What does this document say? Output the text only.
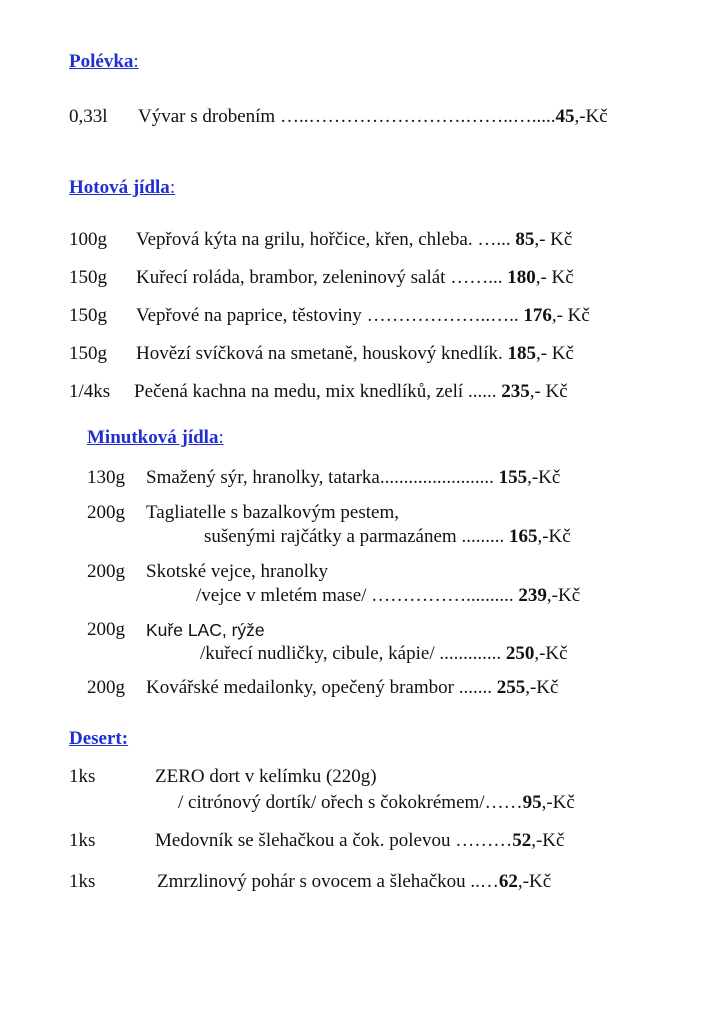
Polévka:
0,33l Vývar s drobením …..…………………….……..….....45,-Kč
Hotová jídla:
100g Vepřová kýta na grilu, hořčice, křen, chleba. …... 85,- Kč
150g Kuřecí roláda, brambor, zeleninový salát ……... 180,- Kč
150g Vepřové na paprice, těstoviny ………………..….. 176,- Kč
150g Hovězí svíčková na smetaně, houskový knedlík. 185,- Kč
1/4ks Pečená kachna na medu, mix knedlíků, zelí ...... 235,- Kč
Minutková jídla:
130g Smažený sýr, hranolky, tatarka........................ 155,-Kč
200g Tagliatelle s bazalkovým pestem,
sušenými rajčátky a parmazánem ......... 165,-Kč
200g Skotské vejce, hranolky
/vejce v mletém mase/ …………….......... 239,-Kč
200g Kuře LAC, rýže
/kuřecí nudličky, cibule, kápie/ ............. 250,-Kč
200g Kovářské medailonky, opečený brambor ....... 255,-Kč
Desert:
1ks	ZERO dort v kelímku (220g)
/ citrónový dortík/ ořech s čokokrémem/……95,-Kč
1ks	Medovník se šlehačkou a čok. polevou ………52,-Kč
1ks	Zmrzlinový pohár s ovocem a šlehačkou ..…62,-Kč
